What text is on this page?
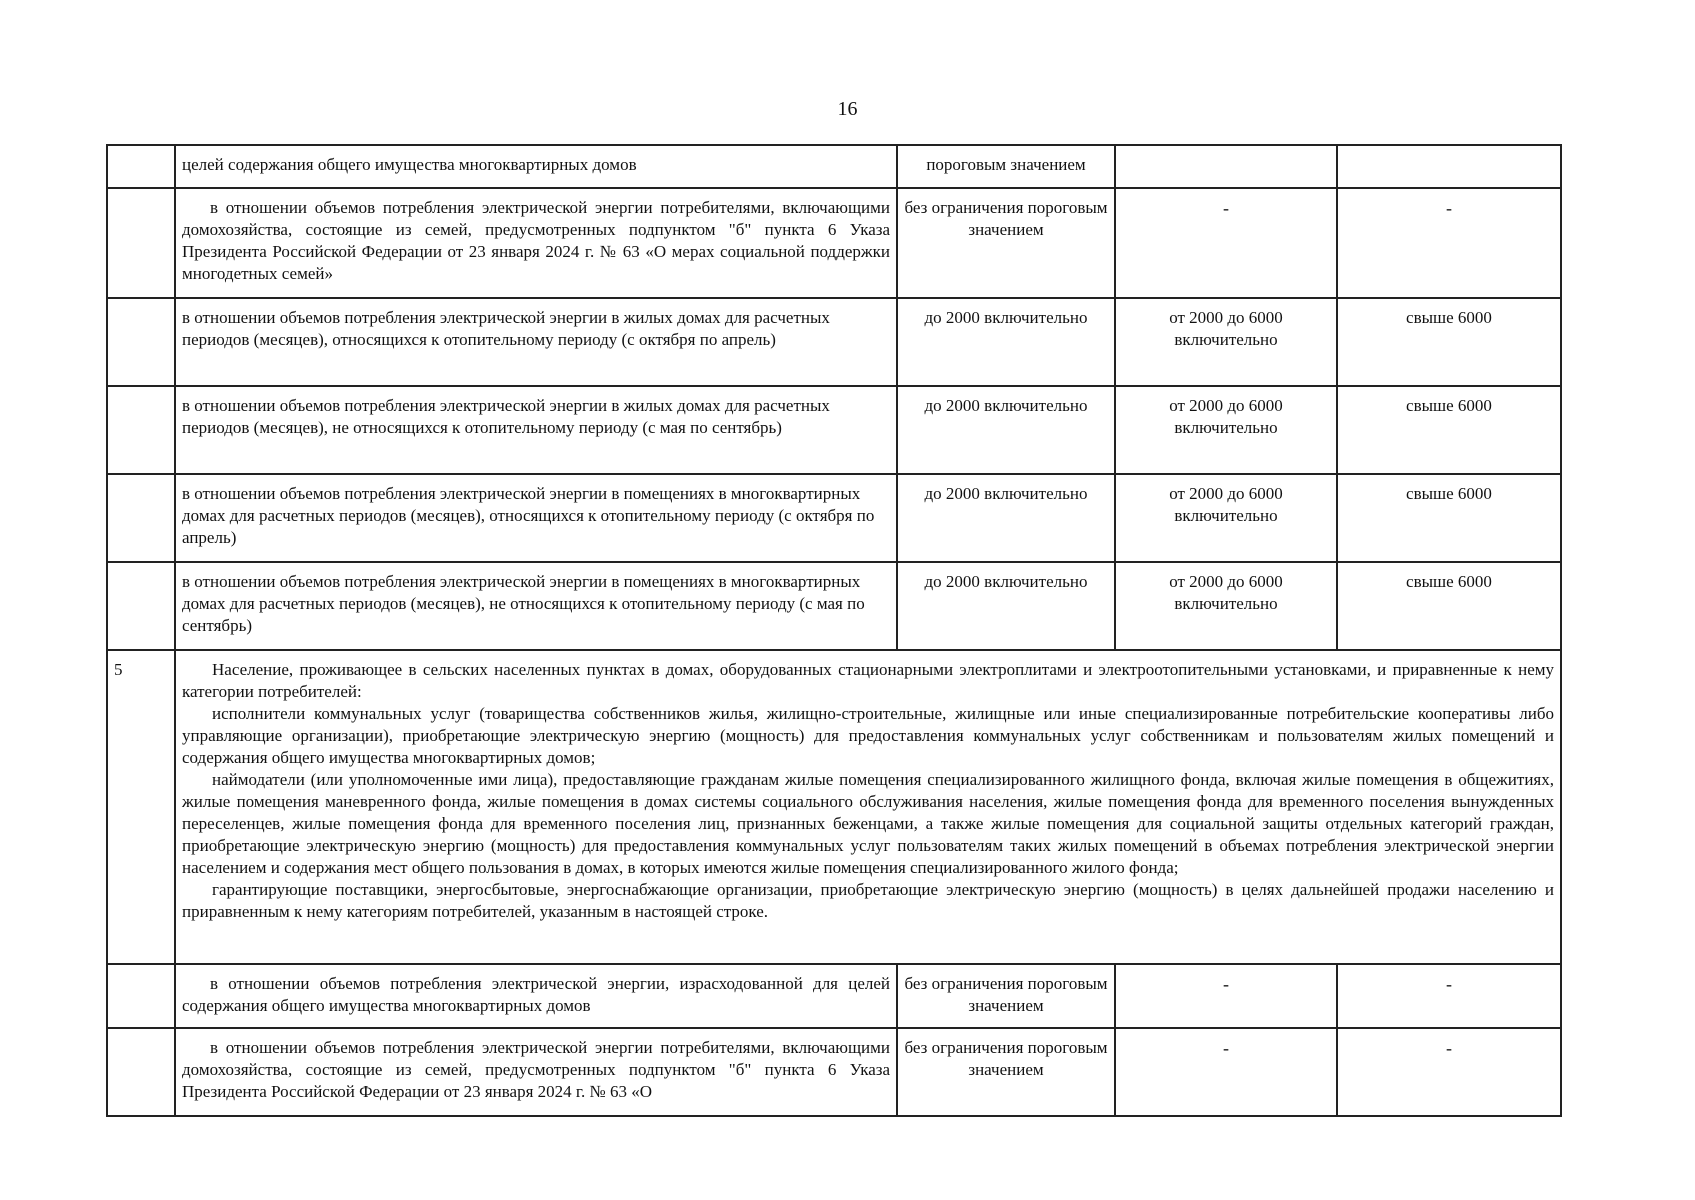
16
	целей содержания общего имущества многоквартирных домов	пороговым значением		
	в отношении объемов потребления электрической энергии потребителями, включающими домохозяйства, состоящие из семей, предусмотренных подпунктом "б" пункта 6 Указа Президента Российской Федерации от 23 января 2024 г. № 63 «О мерах социальной поддержки многодетных семей»	без ограничения пороговым значением	-	-
	в отношении объемов потребления электрической энергии в жилых домах для расчетных периодов (месяцев), относящихся к отопительному периоду (с октября по апрель)	до 2000 включительно	от 2000 до 6000 включительно	свыше 6000
	в отношении объемов потребления электрической энергии в жилых домах для расчетных периодов (месяцев), не относящихся к отопительному периоду (с мая по сентябрь)	до 2000 включительно	от 2000 до 6000 включительно	свыше 6000
	в отношении объемов потребления электрической энергии в помещениях в многоквартирных домах для расчетных периодов (месяцев), относящихся к отопительному периоду (с октября по апрель)	до 2000 включительно	от 2000 до 6000 включительно	свыше 6000
	в отношении объемов потребления электрической энергии в помещениях в многоквартирных домах для расчетных периодов (месяцев), не относящихся к отопительному периоду (с мая по сентябрь)	до 2000 включительно	от 2000 до 6000 включительно	свыше 6000
5	Население, проживающее в сельских населенных пунктах в домах, оборудованных стационарными электроплитами и электроотопительными установками, и приравненные к нему категории потребителей:

исполнители коммунальных услуг (товарищества собственников жилья, жилищно-строительные, жилищные или иные специализированные потребительские кооперативы либо управляющие организации), приобретающие электрическую энергию (мощность) для предоставления коммунальных услуг собственникам и пользователям жилых помещений и содержания общего имущества многоквартирных домов;

наймодатели (или уполномоченные ими лица), предоставляющие гражданам жилые помещения специализированного жилищного фонда, включая жилые помещения в общежитиях, жилые помещения маневренного фонда, жилые помещения в домах системы социального обслуживания населения, жилые помещения фонда для временного поселения вынужденных переселенцев, жилые помещения фонда для временного поселения лиц, признанных беженцами, а также жилые помещения для социальной защиты отдельных категорий граждан, приобретающие электрическую энергию (мощность) для предоставления коммунальных услуг пользователям таких жилых помещений в объемах потребления электрической энергии населением и содержания мест общего пользования в домах, в которых имеются жилые помещения специализированного жилого фонда;

гарантирующие поставщики, энергосбытовые, энергоснабжающие организации, приобретающие электрическую энергию (мощность) в целях дальнейшей продажи населению и приравненным к нему категориям потребителей, указанным в настоящей строке.			

	в отношении объемов потребления электрической энергии, израсходованной для целей содержания общего имущества многоквартирных домов	без ограничения пороговым значением	-	-
	в отношении объемов потребления электрической энергии потребителями, включающими домохозяйства, состоящие из семей, предусмотренных подпунктом "б" пункта 6 Указа Президента Российской Федерации от 23 января 2024 г. № 63 «О	без ограничения пороговым значением	-	-
